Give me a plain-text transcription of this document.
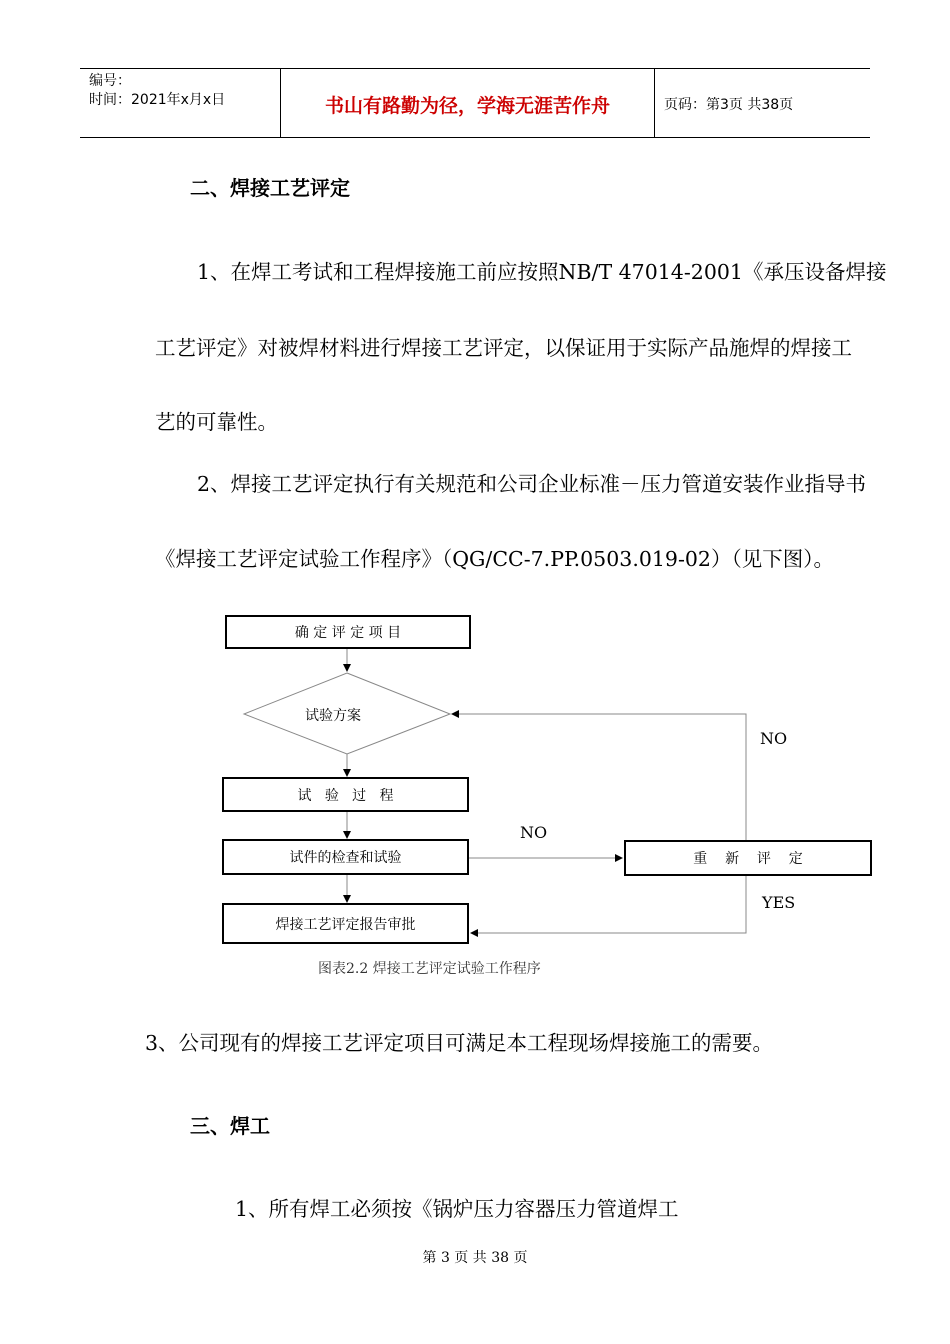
编号：
时间：2021年x月x日	书山有路勤为径，学海无涯苦作舟	页码：第3页 共38页
二、焊接工艺评定
1、在焊工考试和工程焊接施工前应按照NB/T 47014-2001《承压设备焊接
工艺评定》对被焊材料进行焊接工艺评定，以保证用于实际产品施焊的焊接工
艺的可靠性。
2、焊接工艺评定执行有关规范和公司企业标准－压力管道安装作业指导书
《焊接工艺评定试验工作程序》（QG/CC-7.PP.0503.019-02）（见下图）。
确 定 评 定 项 目
试验方案
试   验   过   程
试件的检查和试验
焊接工艺评定报告审批
重    新    评    定
NO
NO
YES
图表2.2 焊接工艺评定试验工作程序
3、公司现有的焊接工艺评定项目可满足本工程现场焊接施工的需要。
三、焊工
1、所有焊工必须按《锅炉压力容器压力管道焊工
第 3 页 共 38 页
